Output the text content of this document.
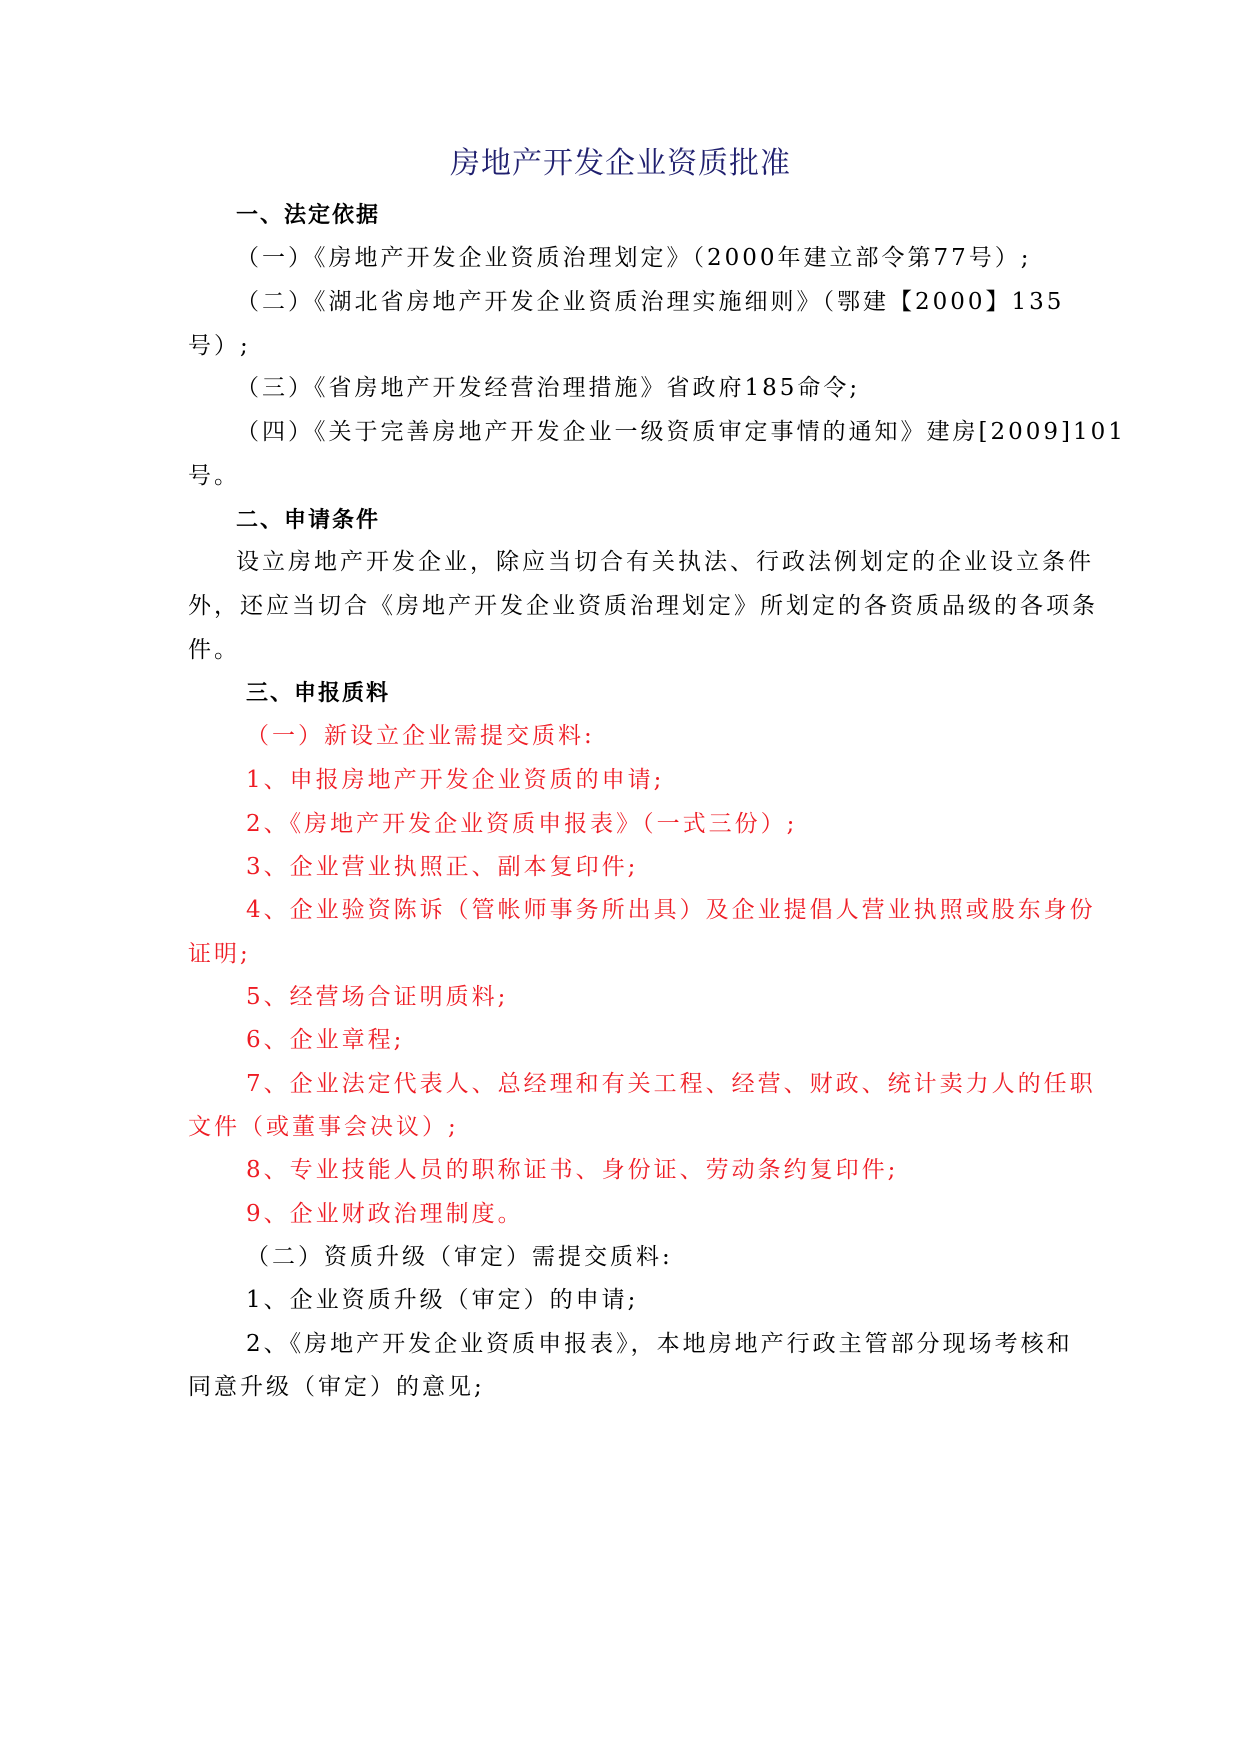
房地产开发企业资质批准
一、法定依据
（一）《房地产开发企业资质治理划定》（2000年建立部令第77号）;
（二）《湖北省房地产开发企业资质治理实施细则》（鄂建【2000】135
号）;
（三）《省房地产开发经营治理措施》省政府185命令;
（四）《关于完善房地产开发企业一级资质审定事情的通知》建房[2009]101
号。
二、申请条件
设立房地产开发企业，除应当切合有关执法、行政法例划定的企业设立条件
外，还应当切合《房地产开发企业资质治理划定》所划定的各资质品级的各项条
件。
三、申报质料
（一）新设立企业需提交质料:
1、申报房地产开发企业资质的申请;
2、《房地产开发企业资质申报表》（一式三份）;
3、企业营业执照正、副本复印件;
4、企业验资陈诉（管帐师事务所出具）及企业提倡人营业执照或股东身份
证明;
5、经营场合证明质料;
6、企业章程;
7、企业法定代表人、总经理和有关工程、经营、财政、统计卖力人的任职
文件（或董事会决议）;
8、专业技能人员的职称证书、身份证、劳动条约复印件;
9、企业财政治理制度。
（二）资质升级（审定）需提交质料:
1、企业资质升级（审定）的申请;
2、《房地产开发企业资质申报表》，本地房地产行政主管部分现场考核和
同意升级（审定）的意见;
